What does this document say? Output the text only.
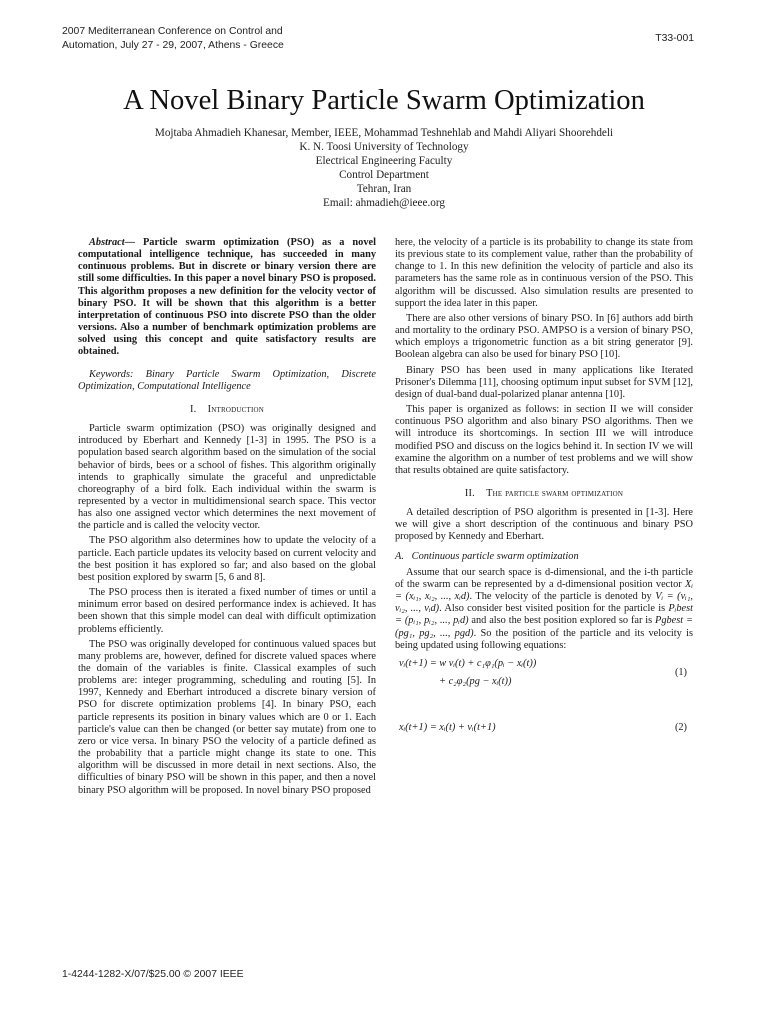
2007 Mediterranean Conference on Control and
Automation, July 27 - 29, 2007, Athens - Greece
T33-001
A Novel Binary Particle Swarm Optimization
Mojtaba Ahmadieh Khanesar, Member, IEEE, Mohammad Teshnehlab and Mahdi Aliyari Shoorehdeli
K. N. Toosi University of Technology
Electrical Engineering Faculty
Control Department
Tehran, Iran
Email: ahmadieh@ieee.org

Abstract— Particle swarm optimization (PSO) as a novel computational intelligence technique, has succeeded in many continuous problems. But in discrete or binary version there are still some difficulties. In this paper a novel binary PSO is proposed. This algorithm proposes a new definition for the velocity vector of binary PSO. It will be shown that this algorithm is a better interpretation of continuous PSO into discrete PSO than the older versions. Also a number of benchmark optimization problems are solved using this concept and quite satisfactory results are obtained.

Keywords: Binary Particle Swarm Optimization, Discrete Optimization, Computational Intelligence

I. Introduction

Particle swarm optimization (PSO) was originally designed and introduced by Eberhart and Kennedy [1-3] in 1995. The PSO is a population based search algorithm based on the simulation of the social behavior of birds, bees or a school of fishes. This algorithm originally intends to graphically simulate the graceful and unpredictable choreography of a bird folk. Each individual within the swarm is represented by a vector in multidimensional search space. This vector has also one assigned vector which determines the next movement of the particle and is called the velocity vector.

The PSO algorithm also determines how to update the velocity of a particle. Each particle updates its velocity based on current velocity and the best position it has explored so far; and also based on the global best position explored by swarm [5, 6 and 8].

The PSO process then is iterated a fixed number of times or until a minimum error based on desired performance index is achieved. It has been shown that this simple model can deal with difficult optimization problems efficiently.

The PSO was originally developed for continuous valued spaces but many problems are, however, defined for discrete valued spaces where the domain of the variables is finite. Classical examples of such problems are: integer programming, scheduling and routing [5]. In 1997, Kennedy and Eberhart introduced a discrete binary version of PSO for discrete optimization problems [4]. In binary PSO, each particle represents its position in binary values which are 0 or 1. Each particle's value can then be changed (or better say mutate) from one to zero or vice versa. In binary PSO the velocity of a particle defined as the probability that a particle might change its state to one. This algorithm will be discussed in more detail in next sections. Also, the difficulties of binary PSO will be shown in this paper, and then a novel binary PSO algorithm will be proposed. In novel binary PSO proposed

here, the velocity of a particle is its probability to change its state from its previous state to its complement value, rather than the probability of change to 1. In this new definition the velocity of particle and also its parameters has the same role as in continuous version of the PSO. This algorithm will be discussed. Also simulation results are presented to support the idea later in this paper.

There are also other versions of binary PSO. In [6] authors add birth and mortality to the ordinary PSO. AMPSO is a version of binary PSO, which employs a trigonometric function as a bit string generator [9]. Boolean algebra can also be used for binary PSO [10].

Binary PSO has been used in many applications like Iterated Prisoner's Dilemma [11], choosing optimum input subset for SVM [12], design of dual-band dual-polarized planar antenna [10].

This paper is organized as follows: in section II we will consider continuous PSO algorithm and also binary PSO algorithms. Then we will introduce its shortcomings. In section III we will introduce modified PSO and discuss on the logics behind it. In section IV we will examine the algorithm on a number of test problems and we will show that results obtained are quite satisfactory.

II. The particle swarm optimization

A detailed description of PSO algorithm is presented in [1-3]. Here we will give a short description of the continuous and binary PSO proposed by Kennedy and Eberhart.

A. Continuous particle swarm optimization

Assume that our search space is d-dimensional, and the i-th particle of the swarm can be represented by a d-dimensional position vector Xᵢ = (xᵢ₁, xᵢ₂, ..., xᵢd). The velocity of the particle is denoted by Vᵢ = (vᵢ₁, vᵢ₂, ..., vᵢd). Also consider best visited position for the particle is Pᵢbest = (pᵢ₁, pᵢ₂, ..., pᵢd) and also the best position explored so far is Pgbest = (pg₁, pg₂, ..., pgd). So the position of the particle and its velocity is being updated using following equations:

vᵢ(t+1) = w vᵢ(t) + c₁φ₁(pᵢ − xᵢ(t))
+ c₂φ₂(pg − xᵢ(t))
(1)
xᵢ(t+1) = xᵢ(t) + vᵢ(t+1)	(2)
1-4244-1282-X/07/$25.00 © 2007 IEEE
